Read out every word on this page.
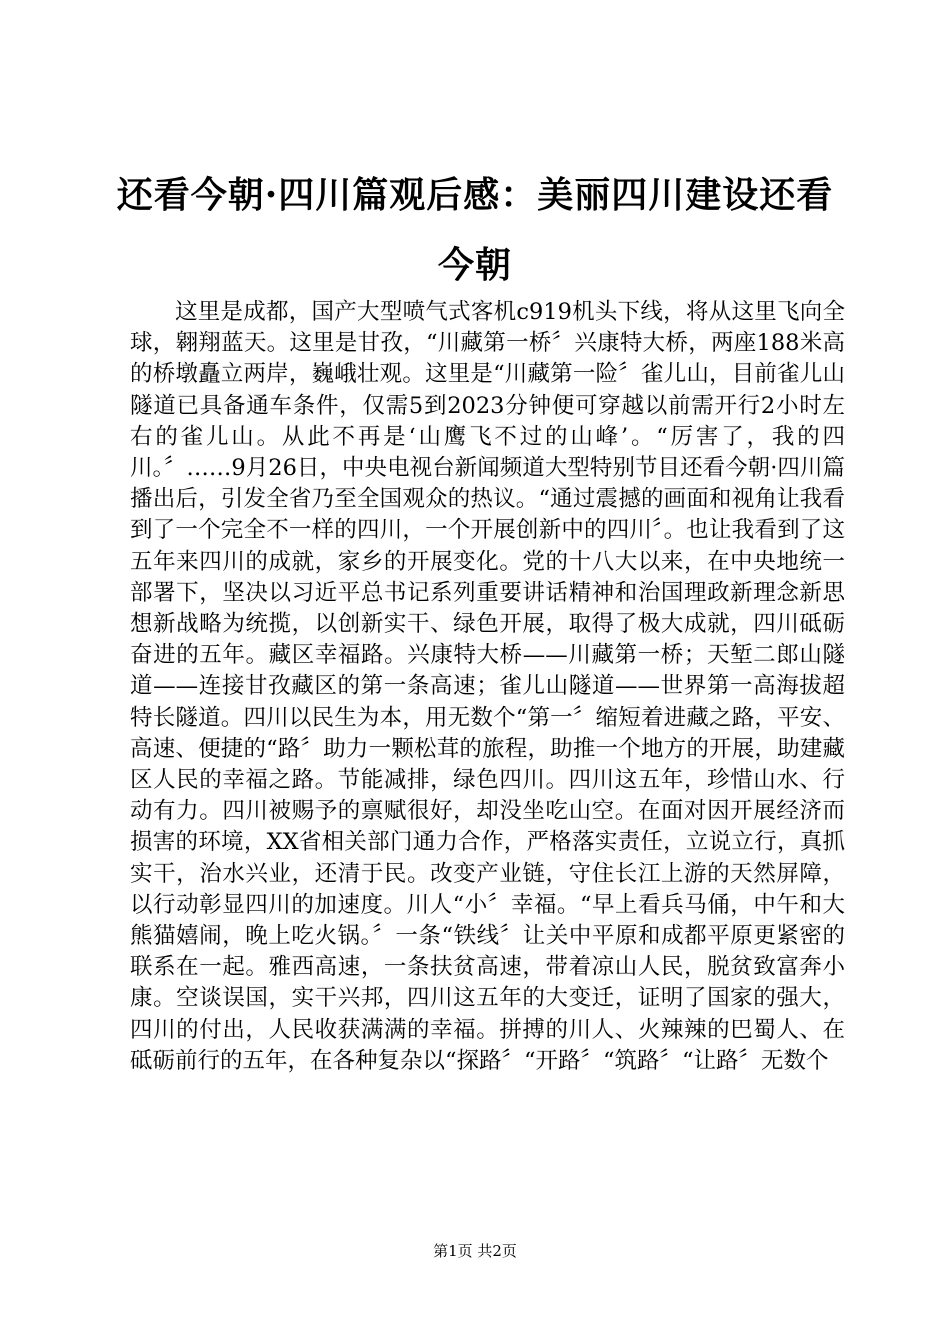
还看今朝·四川篇观后感：美丽四川建设还看今朝

这里是成都，国产大型喷气式客机c919机头下线，将从这里飞向全球，翱翔蓝天。这里是甘孜，“川藏第一桥〞兴康特大桥，两座188米高的桥墩矗立两岸，巍峨壮观。这里是“川藏第一险〞雀儿山，目前雀儿山隧道已具备通车条件，仅需5到2023分钟便可穿越以前需开行2小时左右的雀儿山。从此不再是‘山鹰飞不过的山峰’。“厉害了，我的四川。〞……9月26日，中央电视台新闻频道大型特别节目还看今朝·四川篇播出后，引发全省乃至全国观众的热议。“通过震撼的画面和视角让我看到了一个完全不一样的四川，一个开展创新中的四川〞。也让我看到了这五年来四川的成就，家乡的开展变化。党的十八大以来，在中央地统一部署下，坚决以习近平总书记系列重要讲话精神和治国理政新理念新思想新战略为统揽，以创新实干、绿色开展，取得了极大成就，四川砥砺奋进的五年。藏区幸福路。兴康特大桥——川藏第一桥；天堑二郎山隧道——连接甘孜藏区的第一条高速；雀儿山隧道——世界第一高海拔超特长隧道。四川以民生为本，用无数个“第一〞缩短着进藏之路，平安、高速、便捷的“路〞助力一颗松茸的旅程，助推一个地方的开展，助建藏区人民的幸福之路。节能减排，绿色四川。四川这五年，珍惜山水、行动有力。四川被赐予的禀赋很好，却没坐吃山空。在面对因开展经济而损害的环境，XX省相关部门通力合作，严格落实责任，立说立行，真抓实干，治水兴业，还清于民。改变产业链，守住长江上游的天然屏障，以行动彰显四川的加速度。川人“小〞幸福。“早上看兵马俑，中午和大熊猫嬉闹，晚上吃火锅。〞一条“铁线〞让关中平原和成都平原更紧密的联系在一起。雅西高速，一条扶贫高速，带着凉山人民，脱贫致富奔小康。空谈误国，实干兴邦，四川这五年的大变迁，证明了国家的强大，四川的付出，人民收获满满的幸福。拼搏的川人、火辣辣的巴蜀人、在砥砺前行的五年，在各种复杂以“探路〞“开路〞“筑路〞“让路〞无数个

第1页 共2页
